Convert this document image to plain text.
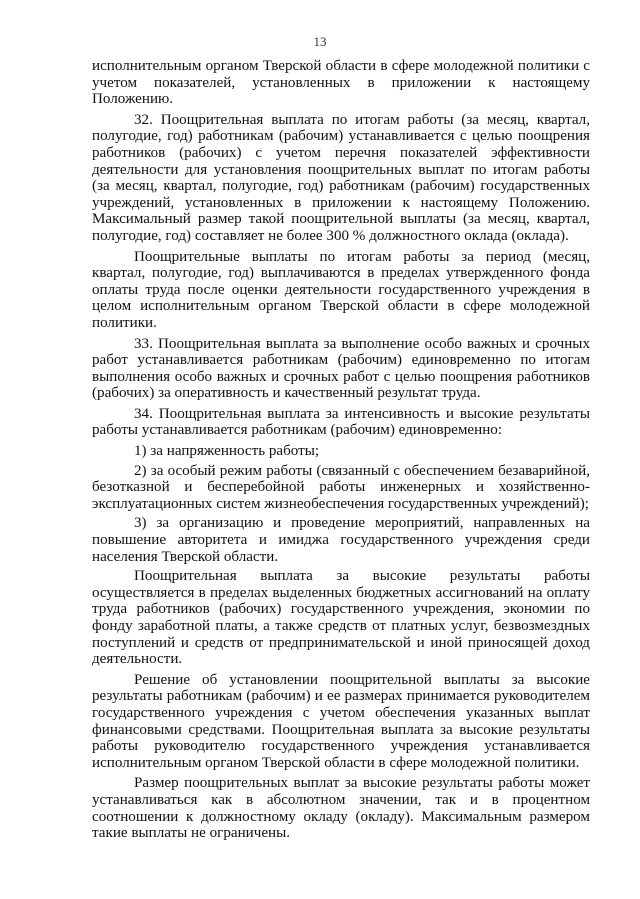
13

исполнительным органом Тверской области в сфере молодежной политики с учетом показателей, установленных в приложении к настоящему Положению.

32. Поощрительная выплата по итогам работы (за месяц, квартал, полугодие, год) работникам (рабочим) устанавливается с целью поощрения работников (рабочих) с учетом перечня показателей эффективности деятельности для установления поощрительных выплат по итогам работы (за месяц, квартал, полугодие, год) работникам (рабочим) государственных учреждений, установленных в приложении к настоящему Положению. Максимальный размер такой поощрительной выплаты (за месяц, квартал, полугодие, год) составляет не более 300 % должностного оклада (оклада).

Поощрительные выплаты по итогам работы за период (месяц, квартал, полугодие, год) выплачиваются в пределах утвержденного фонда оплаты труда после оценки деятельности государственного учреждения в целом исполнительным органом Тверской области в сфере молодежной политики.

33. Поощрительная выплата за выполнение особо важных и срочных работ устанавливается работникам (рабочим) единовременно по итогам выполнения особо важных и срочных работ с целью поощрения работников (рабочих) за оперативность и качественный результат труда.

34. Поощрительная выплата за интенсивность и высокие результаты работы устанавливается работникам (рабочим) единовременно:

1) за напряженность работы;

2) за особый режим работы (связанный с обеспечением безаварийной, безотказной и бесперебойной работы инженерных и хозяйственно-эксплуатационных систем жизнеобеспечения государственных учреждений);

3) за организацию и проведение мероприятий, направленных на повышение авторитета и имиджа государственного учреждения среди населения Тверской области.

Поощрительная выплата за высокие результаты работы осуществляется в пределах выделенных бюджетных ассигнований на оплату труда работников (рабочих) государственного учреждения, экономии по фонду заработной платы, а также средств от платных услуг, безвозмездных поступлений и средств от предпринимательской и иной приносящей доход деятельности.

Решение об установлении поощрительной выплаты за высокие результаты работникам (рабочим) и ее размерах принимается руководителем государственного учреждения с учетом обеспечения указанных выплат финансовыми средствами. Поощрительная выплата за высокие результаты работы руководителю государственного учреждения устанавливается исполнительным органом Тверской области в сфере молодежной политики.

Размер поощрительных выплат за высокие результаты работы может устанавливаться как в абсолютном значении, так и в процентном соотношении к должностному окладу (окладу). Максимальным размером такие выплаты не ограничены.
